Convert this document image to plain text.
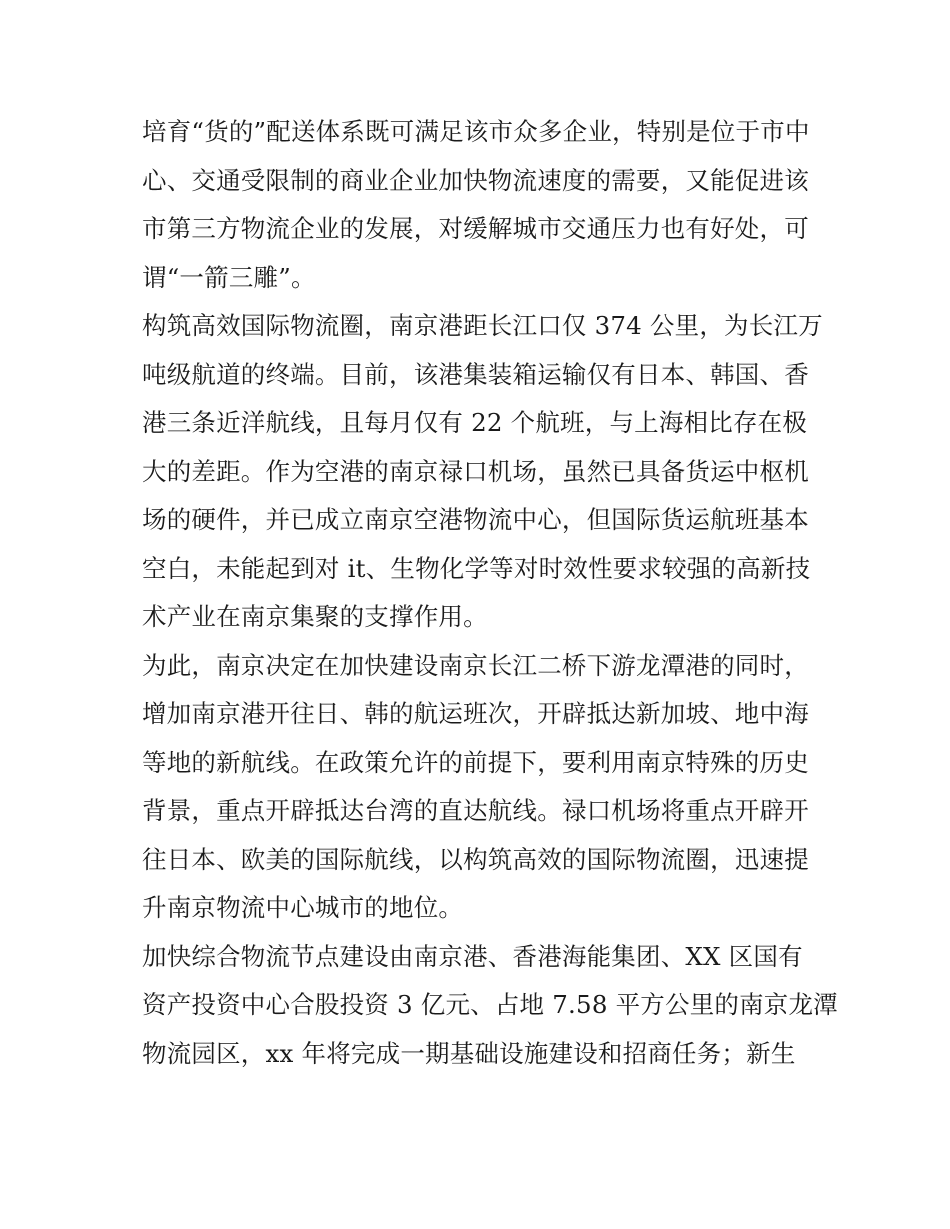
培育“货的”配送体系既可满足该市众多企业，特别是位于市中
心、交通受限制的商业企业加快物流速度的需要，又能促进该
市第三方物流企业的发展，对缓解城市交通压力也有好处，可
谓“一箭三雕”。
构筑高效国际物流圈，南京港距长江口仅 374 公里，为长江万
吨级航道的终端。目前，该港集装箱运输仅有日本、韩国、香
港三条近洋航线，且每月仅有 22 个航班，与上海相比存在极
大的差距。作为空港的南京禄口机场，虽然已具备货运中枢机
场的硬件，并已成立南京空港物流中心，但国际货运航班基本
空白，未能起到对 it、生物化学等对时效性要求较强的高新技
术产业在南京集聚的支撑作用。
为此，南京决定在加快建设南京长江二桥下游龙潭港的同时，
增加南京港开往日、韩的航运班次，开辟抵达新加坡、地中海
等地的新航线。在政策允许的前提下，要利用南京特殊的历史
背景，重点开辟抵达台湾的直达航线。禄口机场将重点开辟开
往日本、欧美的国际航线，以构筑高效的国际物流圈，迅速提
升南京物流中心城市的地位。
加快综合物流节点建设由南京港、香港海能集团、XX 区国有
资产投资中心合股投资 3 亿元、占地 7.58 平方公里的南京龙潭
物流园区，xx 年将完成一期基础设施建设和招商任务；新生
